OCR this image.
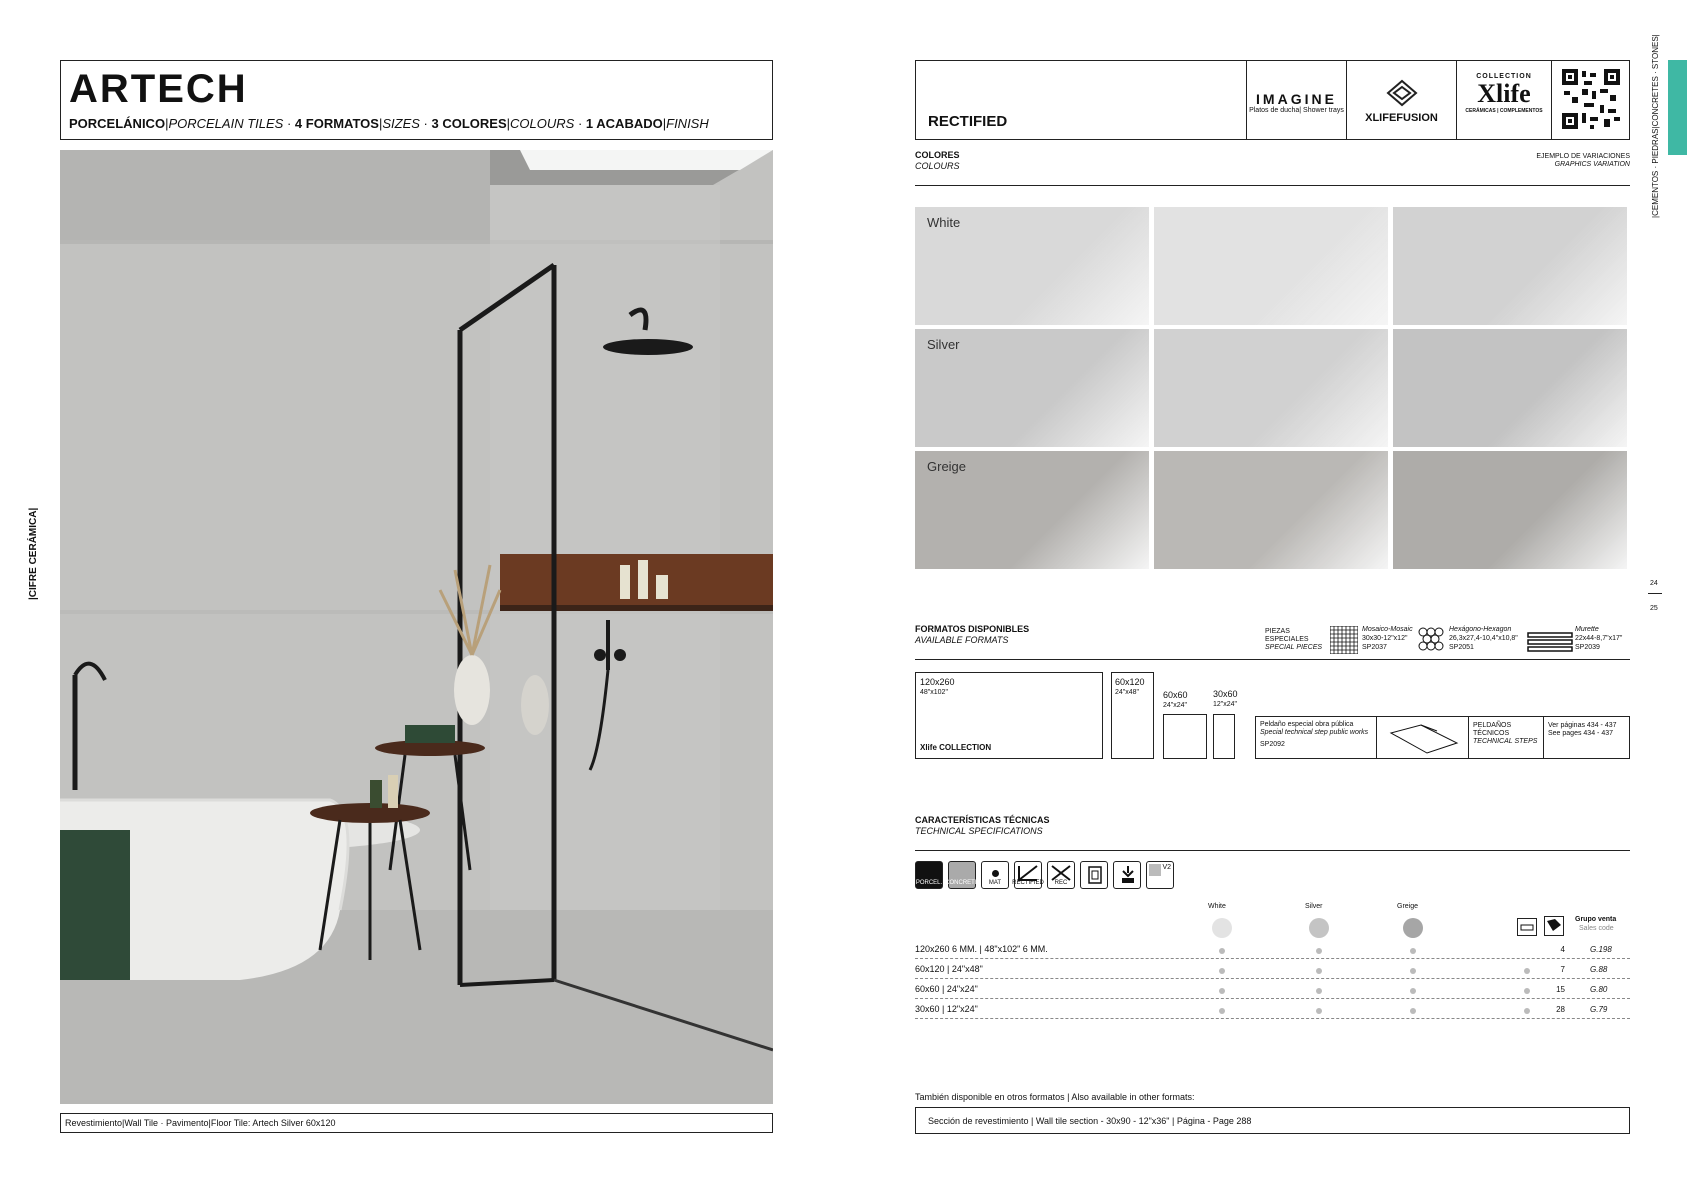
ARTECH
PORCELÁNICO|PORCELAIN TILES · 4 FORMATOS|SIZES · 3 COLORES|COLOURS · 1 ACABADO|FINISH
|CIFRE CERÁMICA|
Revestimiento|Wall Tile · Pavimento|Floor Tile: Artech Silver 60x120
RECTIFIED
IMAGINE
Platos de ducha| Shower trays
XLIFEFUSION
COLLECTION
Xlife
CERÁMICAS | COMPLEMENTOS	|CEMENTOS · PIEDRAS|CONCRETES · STONES|
24
25
COLORES
COLOURS
EJEMPLO DE VARIACIONES
GRAPHICS VARIATION
White
Silver
Greige
FORMATOS DISPONIBLES
AVAILABLE FORMATS
PIEZAS ESPECIALES
SPECIAL PIECES
Mosaico-Mosaic
30x30-12"x12"
SP2037
Hexágono-Hexagon
26,3x27,4-10,4"x10,8"
SP2051
Murette
22x44-8,7"x17"
SP2039
120x260
48"x102"
Xlife COLLECTION
60x120
24"x48"	60x60
24"x24"
30x60
12"x24"
Peldaño especial obra pública
Special technical step public works
SP2092
PELDAÑOS TÉCNICOS
TECHNICAL STEPS
Ver páginas 434 - 437
See pages 434 - 437
CARACTERÍSTICAS TÉCNICAS
TECHNICAL SPECIFICATIONS
PORCEL. CONCRETE MAT RECTIFIED REC
V2
White	Silver	Greige
Grupo venta
Sales code
120x260 6 MM. | 48"x102" 6 MM.	4	G.198
60x120 | 24"x48"	7	G.88
60x60 | 24"x24"	15	G.80
30x60 | 12"x24"	28	G.79
También disponible en otros formatos | Also available in other formats:
Sección de revestimiento | Wall tile section - 30x90 - 12"x36" | Página - Page 288
